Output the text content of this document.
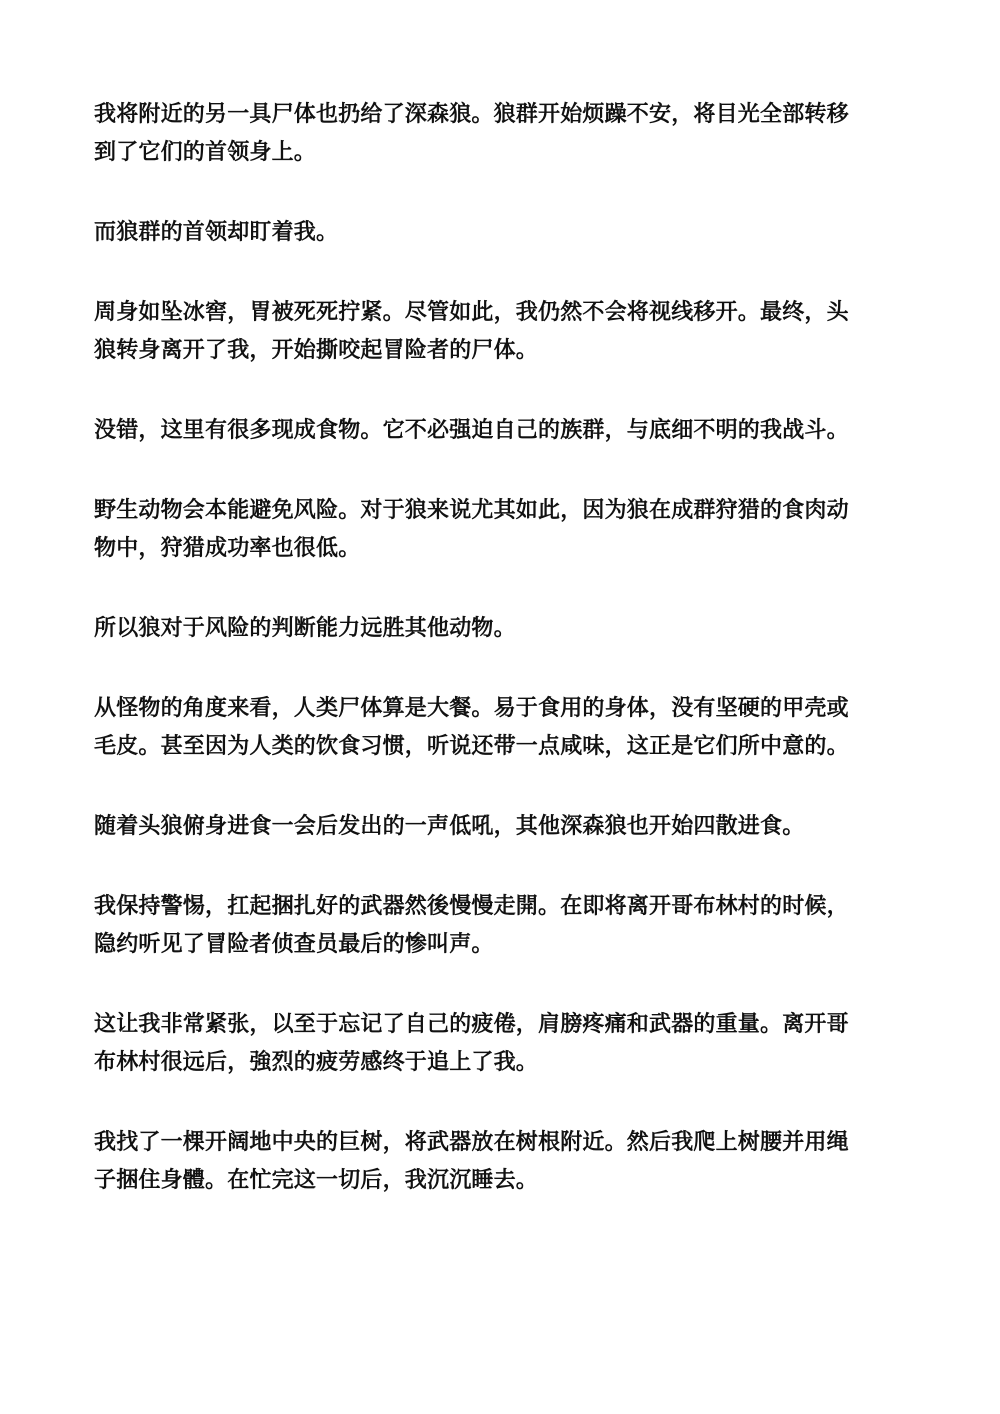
我将附近的另一具尸体也扔给了深森狼。狼群开始烦躁不安，将目光全部转移
到了它们的首领身上。

而狼群的首领却盯着我。

周身如坠冰窖，胃被死死拧紧。尽管如此，我仍然不会将视线移开。最终，头
狼转身离开了我，开始撕咬起冒险者的尸体。

没错，这里有很多现成食物。它不必强迫自己的族群，与底细不明的我战斗。

野生动物会本能避免风险。对于狼来说尤其如此，因为狼在成群狩猎的食肉动
物中，狩猎成功率也很低。

所以狼对于风险的判断能力远胜其他动物。

从怪物的角度来看，人类尸体算是大餐。易于食用的身体，没有坚硬的甲壳或
毛皮。甚至因为人类的饮食习惯，听说还带一点咸味，这正是它们所中意的。

随着头狼俯身进食一会后发出的一声低吼，其他深森狼也开始四散进食。

我保持警惕，扛起捆扎好的武器然後慢慢走開。在即将离开哥布林村的时候，
隐约听见了冒险者侦查员最后的惨叫声。

这让我非常紧张，以至于忘记了自己的疲倦，肩膀疼痛和武器的重量。离开哥
布林村很远后，強烈的疲劳感终于追上了我。

我找了一棵开阔地中央的巨树，将武器放在树根附近。然后我爬上树腰并用绳
子捆住身體。在忙完这一切后，我沉沉睡去。
